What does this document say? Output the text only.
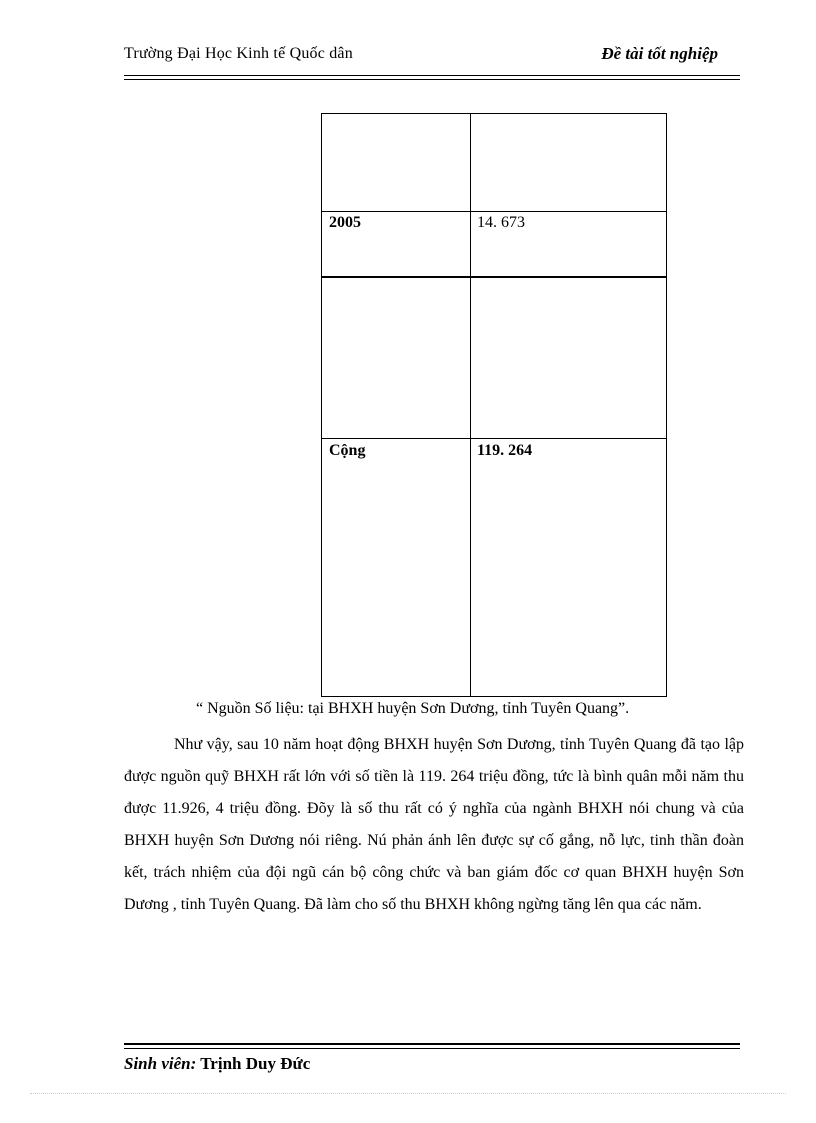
Trường Đại Học Kinh tế Quốc dân	Đề tài tốt nghiệp
2005	14. 673
Cộng	119. 264
“ Nguồn Số liệu: tại BHXH huyện Sơn Dương, tỉnh Tuyên Quang”.

Như vậy, sau 10 năm hoạt động BHXH huyện Sơn Dương, tỉnh Tuyên Quang đã tạo lập được nguồn quỹ BHXH rất lớn với số tiền là 119. 264 triệu đồng, tức là bình quân mỗi năm thu được 11.926, 4 triệu đồng. Đõy là số thu rất có ý nghĩa của ngành BHXH nói chung và của BHXH huyện Sơn Dương nói riêng. Nú phản ánh lên được sự cố gắng, nỗ lực, tinh thần đoàn kết, trách nhiệm của đội ngũ cán bộ công chức và ban giám đốc cơ quan BHXH huyện Sơn Dương , tỉnh Tuyên Quang. Đã làm cho số thu BHXH không ngừng tăng lên qua các năm.

Sinh viên: Trịnh Duy Đức
